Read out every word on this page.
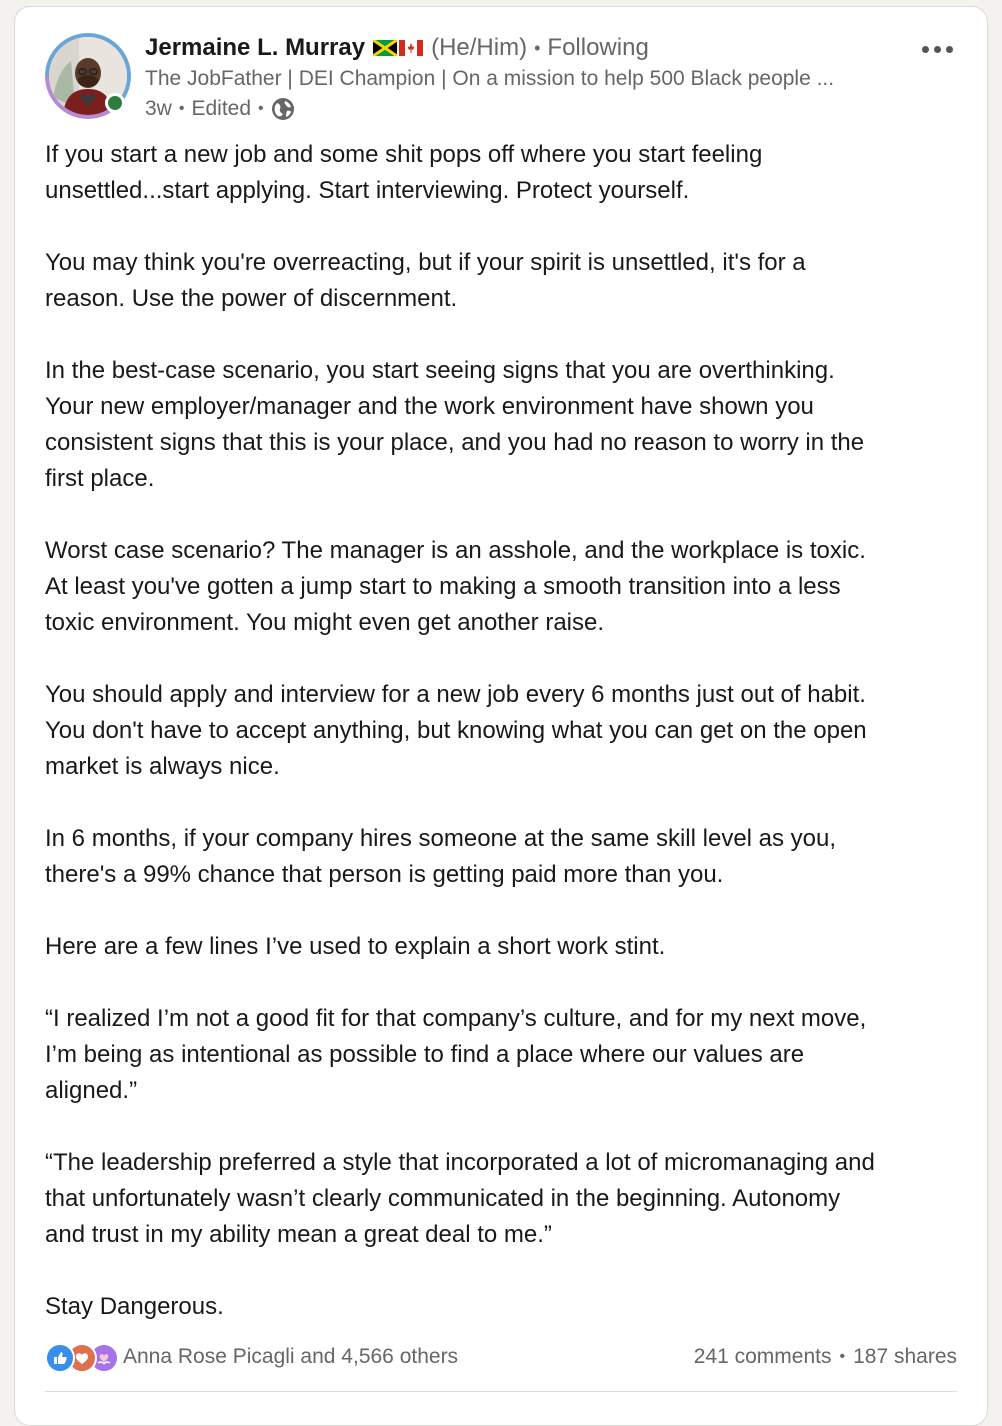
Jermaine L. Murray	(He/Him) • Following
The JobFather | DEI Champion | On a mission to help 500 Black people ...
3w • Edited •

If you start a new job and some shit pops off where you start feeling
unsettled...start applying. Start interviewing. Protect yourself.

You may think you're overreacting, but if your spirit is unsettled, it's for a
reason. Use the power of discernment.

In the best-case scenario, you start seeing signs that you are overthinking.
Your new employer/manager and the work environment have shown you
consistent signs that this is your place, and you had no reason to worry in the
first place.

Worst case scenario? The manager is an asshole, and the workplace is toxic.
At least you've gotten a jump start to making a smooth transition into a less
toxic environment. You might even get another raise.

You should apply and interview for a new job every 6 months just out of habit.
You don't have to accept anything, but knowing what you can get on the open
market is always nice.

In 6 months, if your company hires someone at the same skill level as you,
there's a 99% chance that person is getting paid more than you.

Here are a few lines I’ve used to explain a short work stint.

“I realized I’m not a good fit for that company’s culture, and for my next move,
I’m being as intentional as possible to find a place where our values are
aligned.”

“The leadership preferred a style that incorporated a lot of micromanaging and
that unfortunately wasn’t clearly communicated in the beginning. Autonomy
and trust in my ability mean a great deal to me.”

Stay Dangerous.

Anna Rose Picagli and 4,566 others	241 comments • 187 shares
